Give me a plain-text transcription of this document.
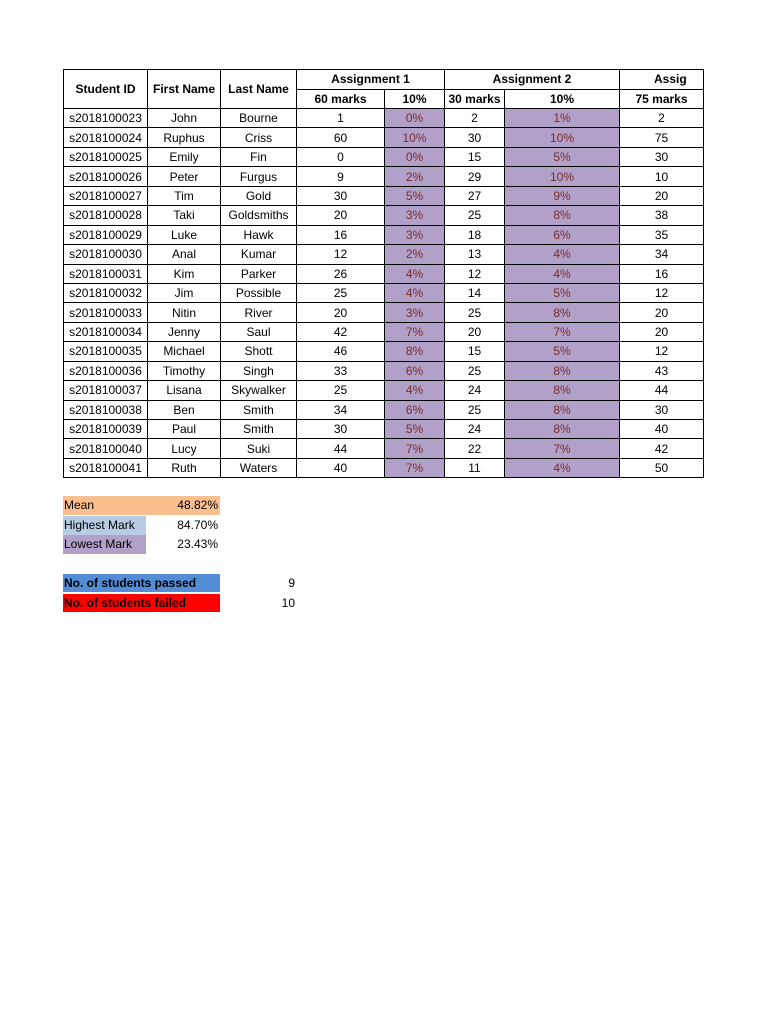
Student ID	First Name	Last Name	Assignment 1		Assignment 2		Assig
			60 marks	10%	30 marks	10%	75 marks
s2018100023	John	Bourne	1	0%	2	1%	2
s2018100024	Ruphus	Criss	60	10%	30	10%	75
s2018100025	Emily	Fin	0	0%	15	5%	30
s2018100026	Peter	Furgus	9	2%	29	10%	10
s2018100027	Tim	Gold	30	5%	27	9%	20
s2018100028	Taki	Goldsmiths	20	3%	25	8%	38
s2018100029	Luke	Hawk	16	3%	18	6%	35
s2018100030	Anal	Kumar	12	2%	13	4%	34
s2018100031	Kim	Parker	26	4%	12	4%	16
s2018100032	Jim	Possible	25	4%	14	5%	12
s2018100033	Nitin	River	20	3%	25	8%	20
s2018100034	Jenny	Saul	42	7%	20	7%	20
s2018100035	Michael	Shott	46	8%	15	5%	12
s2018100036	Timothy	Singh	33	6%	25	8%	43
s2018100037	Lisana	Skywalker	25	4%	24	8%	44
s2018100038	Ben	Smith	34	6%	25	8%	30
s2018100039	Paul	Smith	30	5%	24	8%	40
s2018100040	Lucy	Suki	44	7%	22	7%	42
s2018100041	Ruth	Waters	40	7%	11	4%	50
Mean	48.82%
Highest Mark	84.70%
Lowest Mark	23.43%
No. of students passed	9
No. of students failed	10
